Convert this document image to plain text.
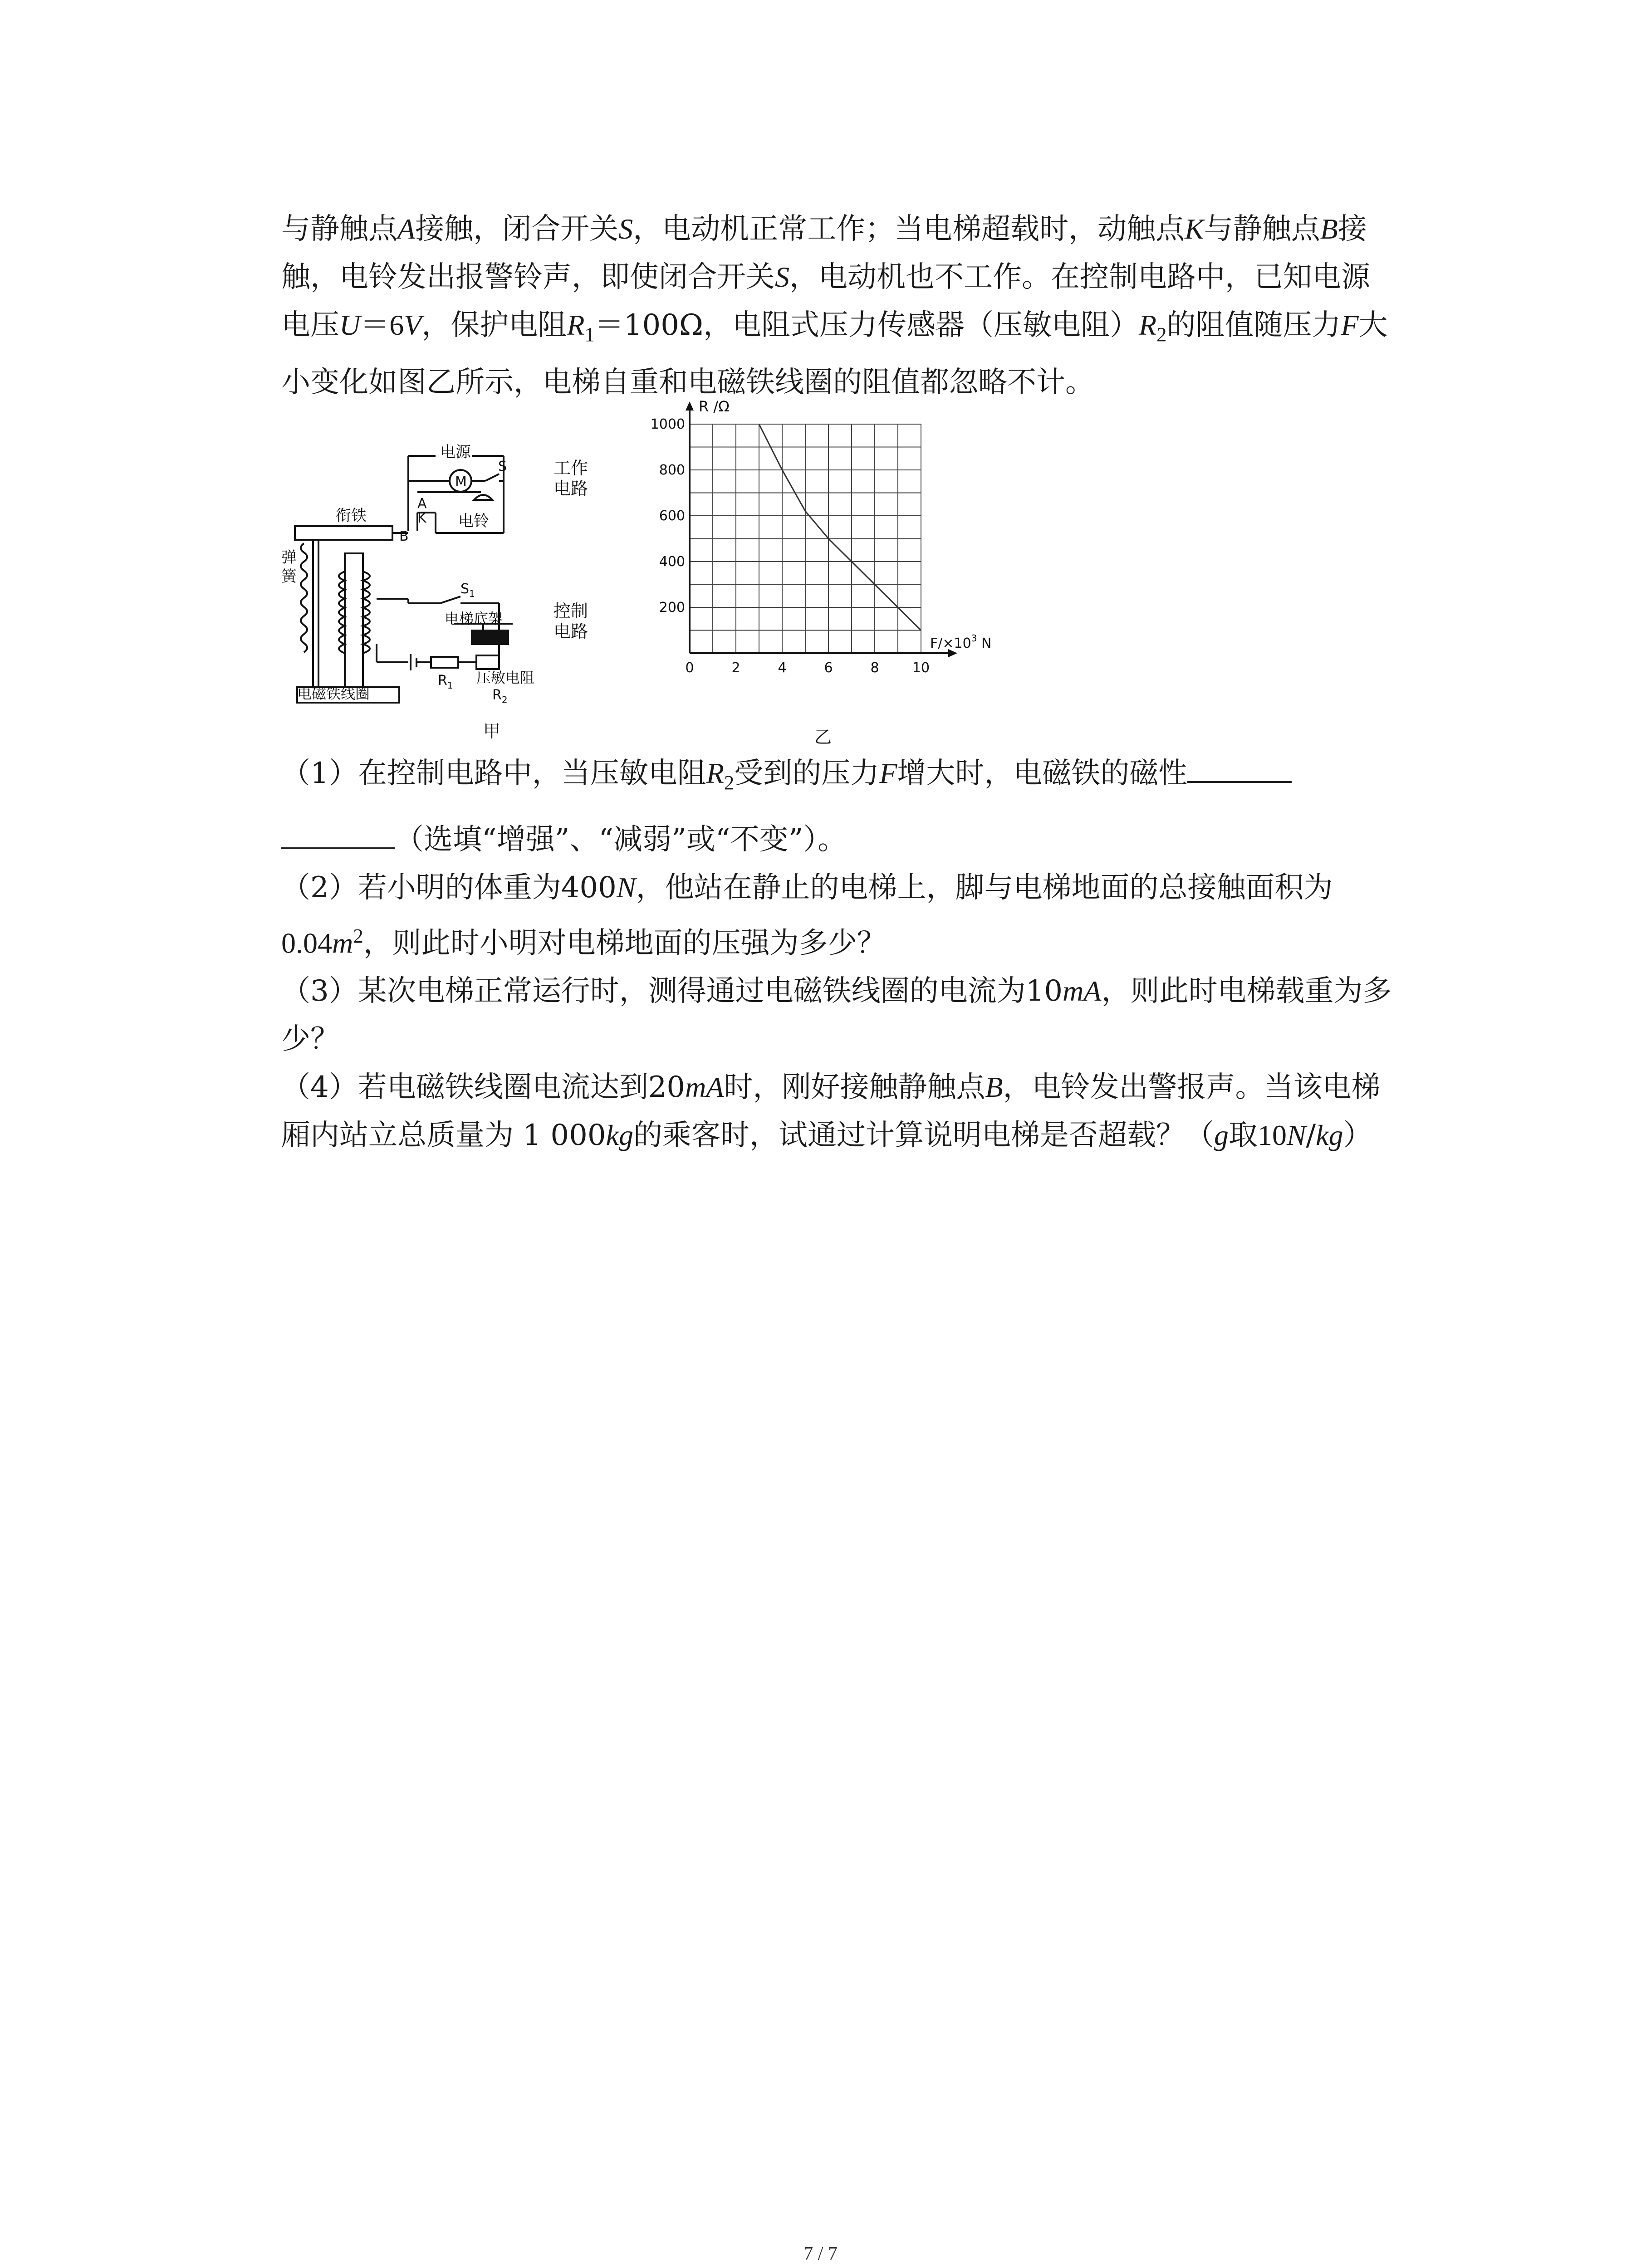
与静触点A接触，闭合开关S，电动机正常工作；当电梯超载时，动触点K与静触点B接
触，电铃发出报警铃声，即使闭合开关S，电动机也不工作。在控制电路中，已知电源
电压U＝6V，保护电阻$R_1=100\Omega$，电阻式压力传感器（压敏电阻）$R_2$的阻值随压力F大
小变化如图乙所示，电梯自重和电磁铁线圈的阻值都忽略不计。
电源
衔铁
M
S	工作
电路
A
K
B
电铃
弹
簧
$S_1$
电梯底架	控制
电路
$R_1$ 压敏电阻
$R_2$
电磁铁线圈
甲
0	2	4	6	8 10
200
400
600
800
1000
R /Ω
$F/\times 10^3$ N
乙
（1）在控制电路中，当压敏电阻$R_2$受到的压力F增大时，电磁铁的磁性
（选填“增强”、“减弱”或“不变”）。
（2）若小明的体重为400N，他站在静止的电梯上，脚与电梯地面的总接触面积为
$0.04m^2$，则此时小明对电梯地面的压强为多少？
（3）某次电梯正常运行时，测得通过电磁铁线圈的电流为10mA，则此时电梯载重为多
少？
（4）若电磁铁线圈电流达到20mA时，刚好接触静触点B，电铃发出警报声。当该电梯
厢内站立总质量为 1 000kg的乘客时，试通过计算说明电梯是否超载？（g取10N/kg）
7 / 7
